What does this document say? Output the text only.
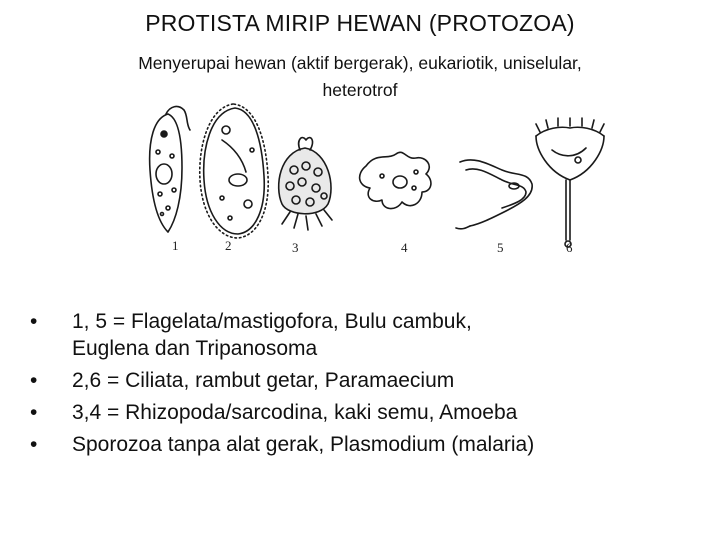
PROTISTA MIRIP HEWAN (PROTOZOA)
Menyerupai hewan (aktif bergerak), eukariotik, uniselular,
heterotrof
1	2	3	4	5	6
•	1, 5 = Flagelata/mastigofora, Bulu cambuk,
Euglena dan Tripanosoma
•	2,6 = Ciliata, rambut getar, Paramaecium
•	3,4 = Rhizopoda/sarcodina, kaki semu, Amoeba
•	Sporozoa tanpa alat gerak, Plasmodium (malaria)
